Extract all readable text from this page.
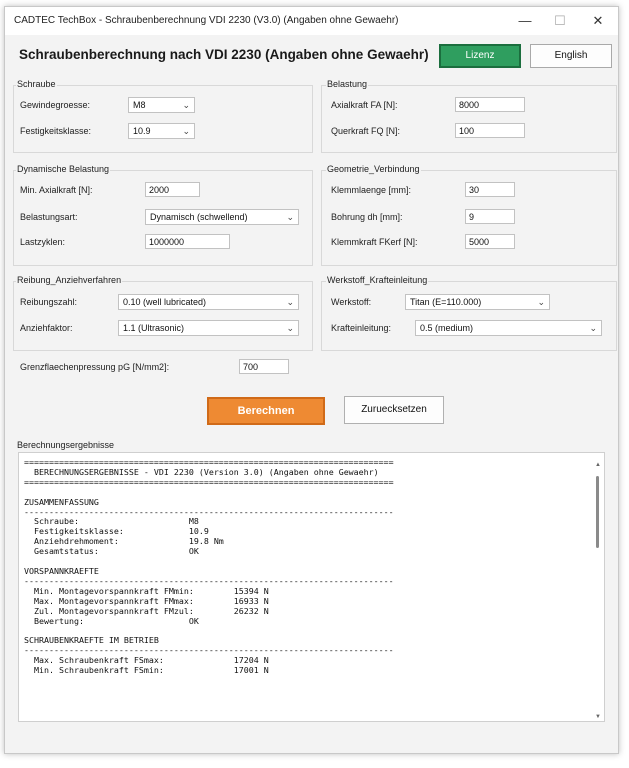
CADTEC TechBox - Schraubenberechnung VDI 2230 (V3.0) (Angaben ohne Gewaehr)	—	☐	✕
Schraubenberechnung nach VDI 2230 (Angaben ohne Gewaehr)	Lizenz	English
Schraube
Gewindegroesse:	M8	⌄
Festigkeitsklasse:	10.9	⌄
Belastung
Axialkraft FA [N]:	8000
Querkraft FQ [N]:	100
Dynamische Belastung
Min. Axialkraft [N]:	2000
Belastungsart:	Dynamisch (schwellend)	⌄
Lastzyklen:	1000000
Geometrie_Verbindung
Klemmlaenge [mm]:	30
Bohrung dh [mm]:	9
Klemmkraft FKerf [N]:	5000
Reibung_Anziehverfahren
Reibungszahl:	0.10 (well lubricated)	⌄
Anziehfaktor:	1.1 (Ultrasonic)	⌄
Werkstoff_Krafteinleitung
Werkstoff:	Titan (E=110.000)	⌄
Krafteinleitung:	0.5 (medium)	⌄
Grenzflaechenpressung pG [N/mm2]:	700
Berechnen	Zuruecksetzen
Berechnungsergebnisse
==========================================================================
BERECHNUNGSERGEBNISSE - VDI 2230 (Version 3.0) (Angaben ohne Gewaehr)
==========================================================================

ZUSAMMENFASSUNG
--------------------------------------------------------------------------
Schraube:                      M8
Festigkeitsklasse:             10.9
Anziehdrehmoment:              19.8 Nm
Gesamtstatus:                  OK

VORSPANNKRAEFTE
--------------------------------------------------------------------------
Min. Montagevorspannkraft FMmin:        15394 N
Max. Montagevorspannkraft FMmax:        16933 N
Zul. Montagevorspannkraft FMzul:        26232 N
Bewertung:                     OK

SCHRAUBENKRAEFTE IM BETRIEB
--------------------------------------------------------------------------
Max. Schraubenkraft FSmax:              17204 N
Min. Schraubenkraft FSmin:              17001 N
▲
▼
